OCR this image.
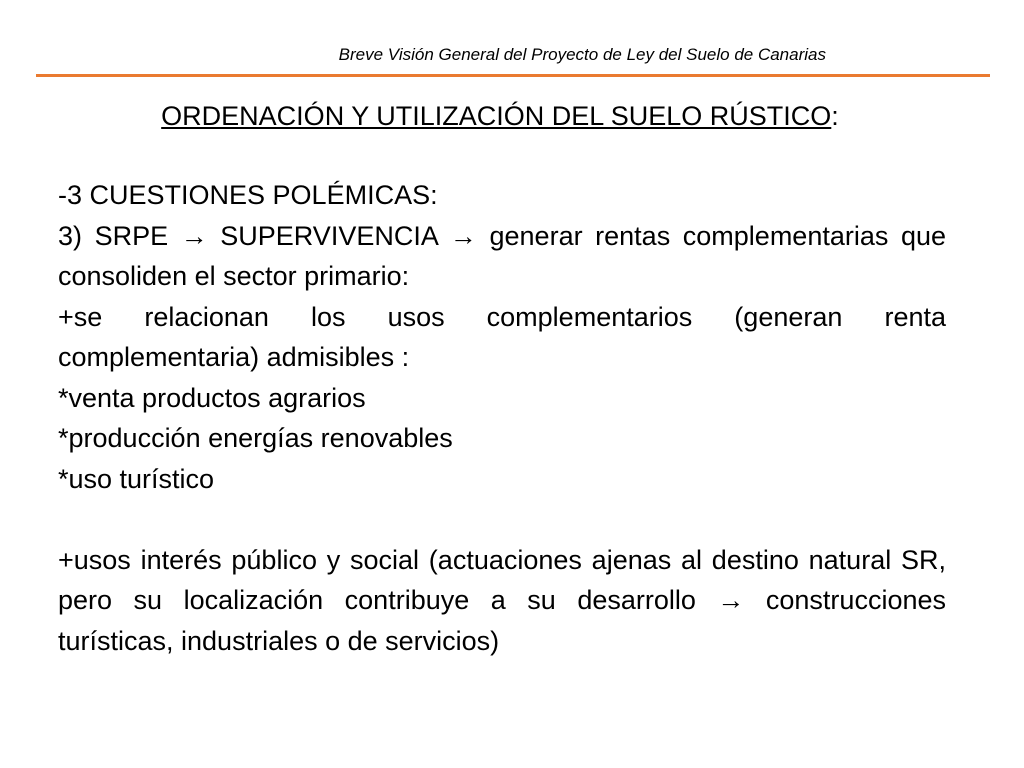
Breve Visión General del Proyecto de Ley del Suelo de Canarias
ORDENACIÓN Y UTILIZACIÓN DEL SUELO RÚSTICO:

-3 CUESTIONES POLÉMICAS:

3) SRPE → SUPERVIVENCIA → generar rentas complementarias que consoliden el sector primario:

+se relacionan los usos complementarios (generan renta complementaria) admisibles :

*venta productos agrarios

*producción energías renovables

*uso turístico

+usos interés público y social (actuaciones ajenas al destino natural SR, pero su localización contribuye a su desarrollo → construcciones turísticas, industriales o de servicios)
